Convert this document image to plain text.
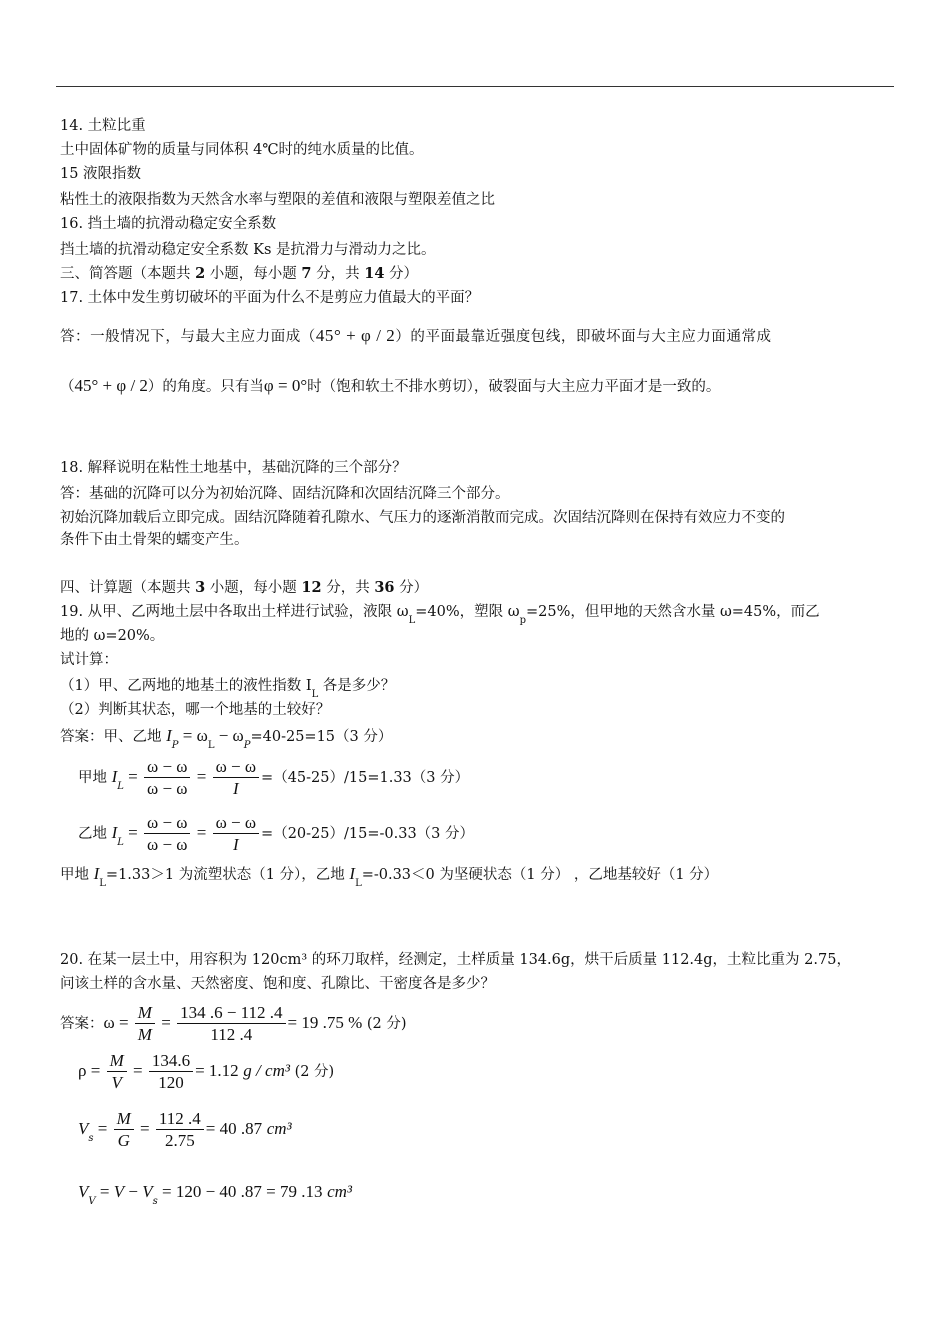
14. 土粒比重
土中固体矿物的质量与同体积 4℃时的纯水质量的比值。
15 液限指数
粘性土的液限指数为天然含水率与塑限的差值和液限与塑限差值之比
16. 挡土墙的抗滑动稳定安全系数
挡土墙的抗滑动稳定安全系数 Ks 是抗滑力与滑动力之比。
三、简答题（本题共 2 小题，每小题 7 分，共 14 分）
17. 土体中发生剪切破坏的平面为什么不是剪应力值最大的平面？
答：一般情况下，与最大主应力面成（45° + φ / 2）的平面最靠近强度包线，即破坏面与大主应力面通常成
（45° + φ / 2）的角度。只有当φ = 0°时（饱和软土不排水剪切），破裂面与大主应力平面才是一致的。
18. 解释说明在粘性土地基中，基础沉降的三个部分？
答：基础的沉降可以分为初始沉降、固结沉降和次固结沉降三个部分。
初始沉降加载后立即完成。固结沉降随着孔隙水、气压力的逐渐消散而完成。次固结沉降则在保持有效应力不变的
条件下由土骨架的蠕变产生。
四、计算题（本题共 3 小题，每小题 12 分，共 36 分）
19. 从甲、乙两地土层中各取出土样进行试验，液限 $\omega_L=40\%$，塑限 $\omega_p=25\%$，但甲地的天然含水量 ω=45%，而乙
地的 ω=20%。
试计算：
（1）甲、乙两地的地基土的液性指数 $I_L$ 各是多少？
（2）判断其状态，哪一个地基的土较好？
答案：甲、乙地 $I_P = \omega_L - \omega_P=40-25=15(3$ 分）
甲地 $I_L = \frac{\omega - \omega}{\omega - \omega} = \frac{\omega - \omega}{I} =(45-25)/15=1.33(3$ 分）
乙地 $I_L = \frac{\omega - \omega}{\omega - \omega} = \frac{\omega - \omega}{I} =(20-25)/15=-0.33(3$ 分）
甲地 $I_L=1.33>1$ 为流塑状态（1 分），乙地 $I_L=-0.33<0$ 为坚硬状态（1 分） ，乙地基较好（1 分）
20. 在某一层土中，用容积为 120cm³ 的环刀取样，经测定，土样质量 134.6g，烘干后质量 112.4g，土粒比重为 2.75，
问该土样的含水量、天然密度、饱和度、孔隙比、干密度各是多少？
答案：$\omega = \frac{M}{M} = \frac{134 .6 - 112 .4}{112 .4} = 19$ .75 % (2 分)
$\rho = \frac{M}{V} = \frac{134.6}{120} = 1.12$ g / cm³ (2 分)
$V_s = \frac{M}{G} = \frac{112 .4}{2.75} = 40$ .87 cm³
$V_V = V - V_s = 120 - 40$ .87 = 79 .13 cm³
